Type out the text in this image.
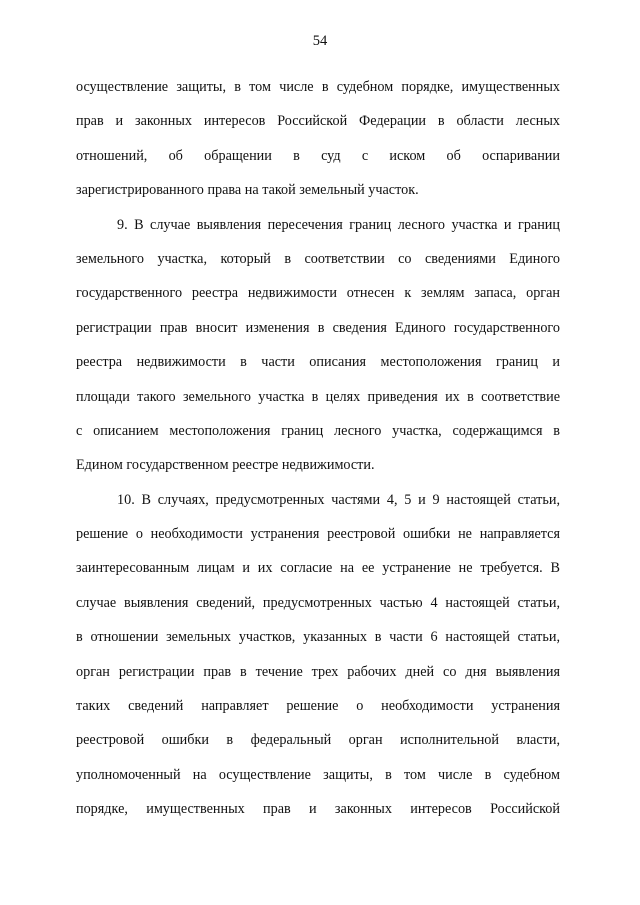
54
осуществление защиты, в том числе в судебном порядке, имущественных
прав и законных интересов Российской Федерации в области лесных
отношений, об обращении в суд с иском об оспаривании
зарегистрированного права на такой земельный участок.
9. В случае выявления пересечения границ лесного участка и границ
земельного участка, который в соответствии со сведениями Единого
государственного реестра недвижимости отнесен к землям запаса, орган
регистрации прав вносит изменения в сведения Единого государственного
реестра недвижимости в части описания местоположения границ и
площади такого земельного участка в целях приведения их в соответствие
с описанием местоположения границ лесного участка, содержащимся в
Едином государственном реестре недвижимости.
10. В случаях, предусмотренных частями 4, 5 и 9 настоящей статьи,
решение о необходимости устранения реестровой ошибки не направляется
заинтересованным лицам и их согласие на ее устранение не требуется. В
случае выявления сведений, предусмотренных частью 4 настоящей статьи,
в отношении земельных участков, указанных в части 6 настоящей статьи,
орган регистрации прав в течение трех рабочих дней со дня выявления
таких сведений направляет решение о необходимости устранения
реестровой ошибки в федеральный орган исполнительной власти,
уполномоченный на осуществление защиты, в том числе в судебном
порядке, имущественных прав и законных интересов Российской
